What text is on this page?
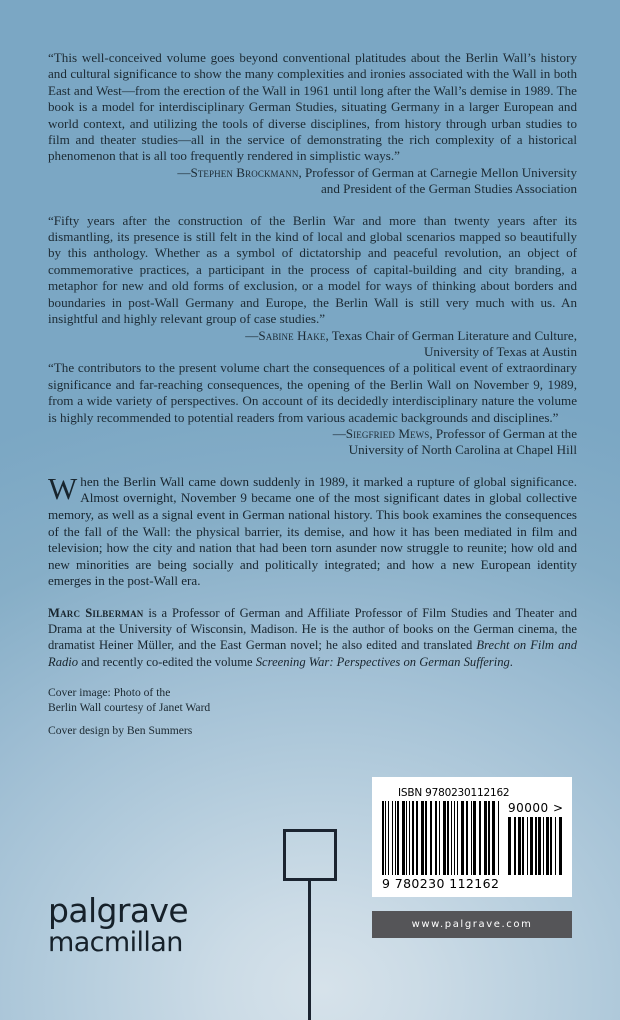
“This well-conceived volume goes beyond conventional platitudes about the Berlin Wall’s history and cultural significance to show the many complexities and ironies associated with the Wall in both East and West—from the erection of the Wall in 1961 until long after the Wall’s demise in 1989. The book is a model for interdisciplinary German Studies, situating Germany in a larger European and world context, and utilizing the tools of diverse disciplines, from history through urban studies to film and theater studies—all in the service of demonstrating the rich complexity of a historical phenomenon that is all too frequently rendered in simplistic ways.”

—Stephen Brockmann, Professor of German at Carnegie Mellon University

and President of the German Studies Association

“Fifty years after the construction of the Berlin War and more than twenty years after its dismantling, its presence is still felt in the kind of local and global scenarios mapped so beautifully by this anthology. Whether as a symbol of dictatorship and peaceful revolution, an object of commemorative practices, a participant in the process of capital-building and city branding, a metaphor for new and old forms of exclusion, or a model for ways of thinking about borders and boundaries in post-Wall Germany and Europe, the Berlin Wall is still very much with us. An insightful and highly relevant group of case studies.”

—Sabine Hake, Texas Chair of German Literature and Culture,

University of Texas at Austin

“The contributors to the present volume chart the consequences of a political event of extraordinary significance and far-reaching consequences, the opening of the Berlin Wall on November 9, 1989, from a wide variety of perspectives. On account of its decidedly interdisciplinary nature the volume is highly recommended to potential readers from various academic backgrounds and disciplines.”

—Siegfried Mews, Professor of German at the

University of North Carolina at Chapel Hill

When the Berlin Wall came down suddenly in 1989, it marked a rupture of global significance. Almost overnight, November 9 became one of the most significant dates in global collective memory, as well as a signal event in German national history. This book examines the consequences of the fall of the Wall: the physical barrier, its demise, and how it has been mediated in film and television; how the city and nation that had been torn asunder now struggle to reunite; how old and new minorities are being socially and politically integrated; and how a new European identity emerges in the post-Wall era.

Marc Silberman is a Professor of German and Affiliate Professor of Film Studies and Theater and Drama at the University of Wisconsin, Madison. He is the author of books on the German cinema, the dramatist Heiner Müller, and the East German novel; he also edited and translated Brecht on Film and Radio and recently co-edited the volume Screening War: Perspectives on German Suffering.

Cover image: Photo of the

Berlin Wall courtesy of Janet Ward

Cover design by Ben Summers

palgrave
macmillan

ISBN 9780230112162

9 780230 112162

90000 >

www.palgrave.com
